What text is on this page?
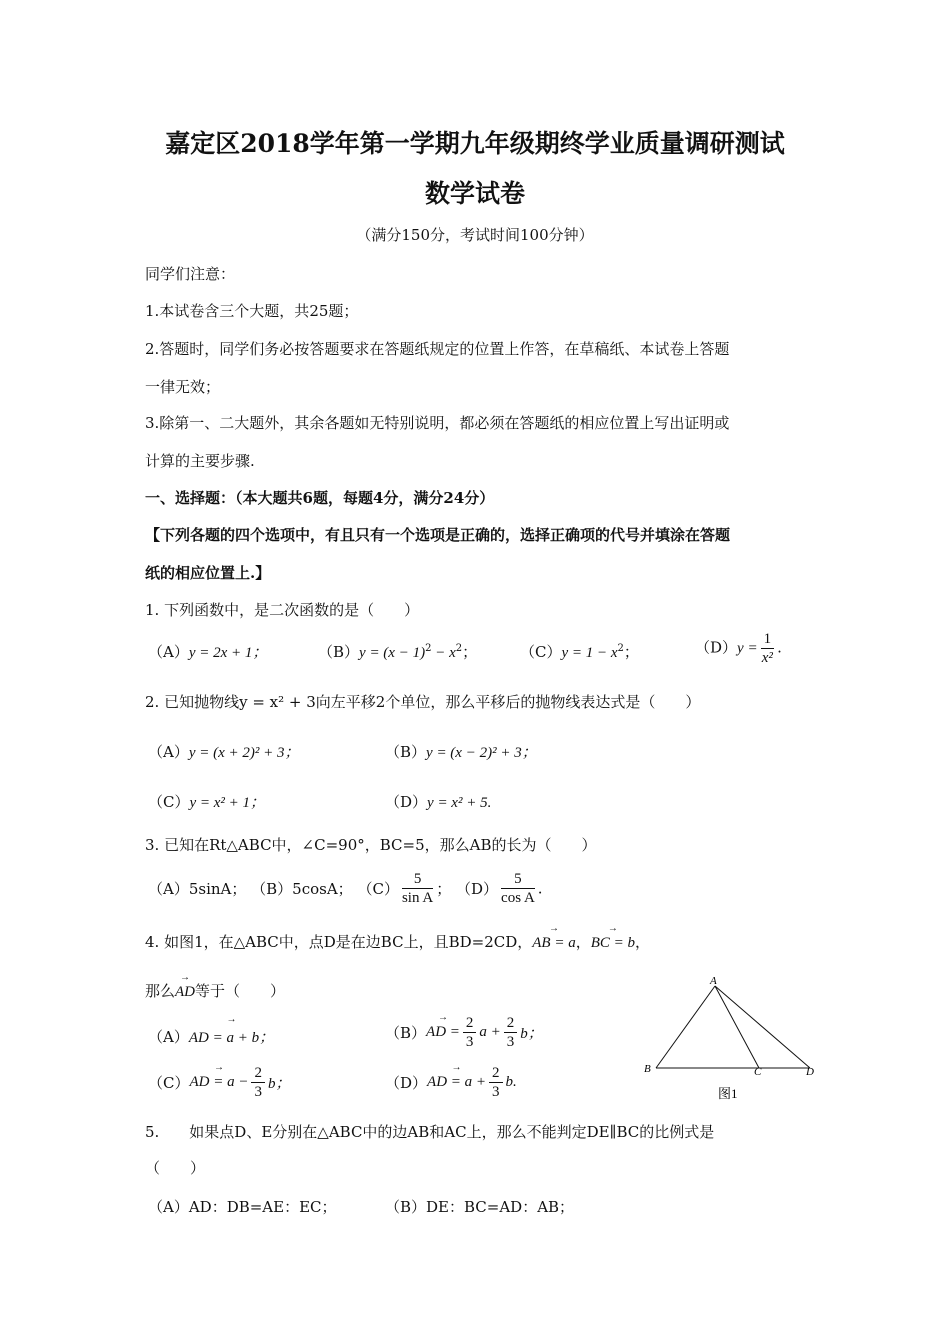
嘉定区2018学年第一学期九年级期终学业质量调研测试
数学试卷
（满分150分，考试时间100分钟）
同学们注意：
1.本试卷含三个大题，共25题；
2.答题时，同学们务必按答题要求在答题纸规定的位置上作答，在草稿纸、本试卷上答题
一律无效；
3.除第一、二大题外，其余各题如无特别说明，都必须在答题纸的相应位置上写出证明或
计算的主要步骤.
一、选择题：（本大题共6题，每题4分，满分24分）
【下列各题的四个选项中，有且只有一个选项是正确的，选择正确项的代号并填涂在答题
纸的相应位置上.】
1. 下列函数中，是二次函数的是（　　）
（A）y = 2x + 1；	$(B)y = (x - 1)^2 - x^2$；	$(C)y = 1 - x^2$；	$(D)y = \frac{1}{\text{x²}}$ .
2. 已知抛物线y = x² + 3向左平移2个单位，那么平移后的抛物线表达式是（　　）
（A）y = (x + 2)² + 3；	（B）y = (x − 2)² + 3；
（C）y = x² + 1；	（D）y = x² + 5.
3. 已知在Rt△ABC中，∠C=90°，BC=5，那么AB的长为（　　）
（A）5sinA； （B）5cosA； $(C) \frac{5}{\text{sin A}}$ ； $(D) \frac{5}{\text{cos A}}$ .
4. 如图1，在△ABC中，点D是在边BC上，且BD=2CD，→ AB = a，→ BC = b，
那么→ AD等于（　　）
（A）→ AD = a + b；	（B）→ AD = $\frac{2}{3}$ $a + \frac{2}{3}$ b；
（C）→ AD = $a - \frac{2}{3}$ b；	（D）→ AD = $a + \frac{2}{3} b$.
A
B	C	D
图1
5.　　如果点D、E分别在△ABC中的边AB和AC上，那么不能判定DE∥BC的比例式是
（　　）
（A）AD：DB=AE：EC；	（B）DE：BC=AD：AB；
